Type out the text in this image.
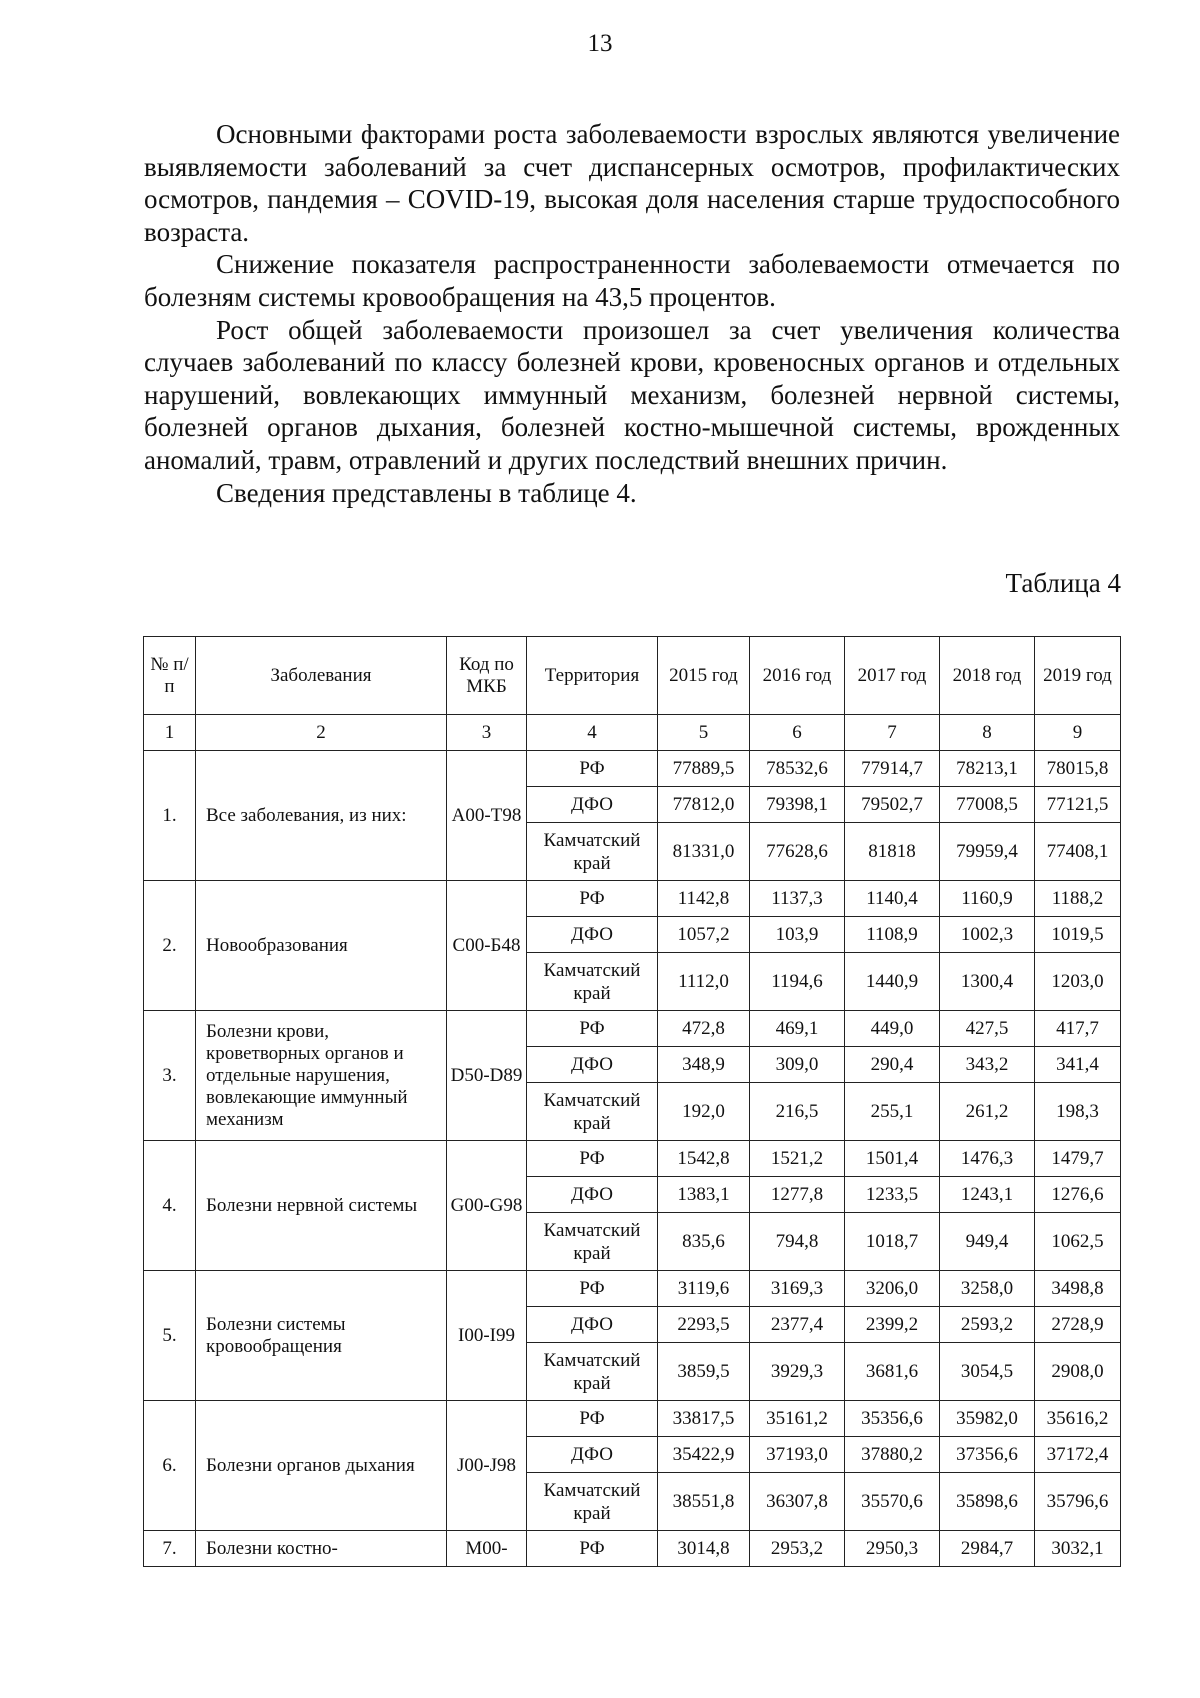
13

Основными факторами роста заболеваемости взрослых являются увеличение выявляемости заболеваний за счет диспансерных осмотров, профилактических осмотров, пандемия – COVID-19, высокая доля населения старше трудоспособного возраста.

Снижение показателя распространенности заболеваемости отмечается по болезням системы кровообращения на 43,5 процентов.

Рост общей заболеваемости произошел за счет увеличения количества случаев заболеваний по классу болезней крови, кровеносных органов и отдельных нарушений, вовлекающих иммунный механизм, болезней нервной системы, болезней органов дыхания, болезней костно-мышечной системы, врожденных аномалий, травм, отравлений и других последствий внешних причин.

Сведения представлены в таблице 4.

Таблица 4
№ п/п	Заболевания	Код по МКБ	Территория	2015 год	2016 год	2017 год	2018 год	2019 год
1	2	3	4	5	6	7	8	9
1.	Все заболевания, из них:	А00-Т98	РФ	77889,5	78532,6	77914,7	78213,1	78015,8
			ДФО	77812,0	79398,1	79502,7	77008,5	77121,5
			Камчатский край	81331,0	77628,6	81818	79959,4	77408,1
2.	Новообразования	С00-Б48	РФ	1142,8	1137,3	1140,4	1160,9	1188,2
			ДФО	1057,2	103,9	1108,9	1002,3	1019,5
			Камчатский край	1112,0	1194,6	1440,9	1300,4	1203,0
3.	Болезни крови, кроветворных органов и отдельные нарушения, вовлекающие иммунный механизм	D50-D89	РФ	472,8	469,1	449,0	427,5	417,7
			ДФО	348,9	309,0	290,4	343,2	341,4
			Камчатский край	192,0	216,5	255,1	261,2	198,3
4.	Болезни нервной системы	G00-G98	РФ	1542,8	1521,2	1501,4	1476,3	1479,7
			ДФО	1383,1	1277,8	1233,5	1243,1	1276,6
			Камчатский край	835,6	794,8	1018,7	949,4	1062,5
5.	Болезни системы кровообращения	I00-I99	РФ	3119,6	3169,3	3206,0	3258,0	3498,8
			ДФО	2293,5	2377,4	2399,2	2593,2	2728,9
			Камчатский край	3859,5	3929,3	3681,6	3054,5	2908,0
6.	Болезни органов дыхания	J00-J98	РФ	33817,5	35161,2	35356,6	35982,0	35616,2
			ДФО	35422,9	37193,0	37880,2	37356,6	37172,4
			Камчатский край	38551,8	36307,8	35570,6	35898,6	35796,6
7.	Болезни костно-	М00-	РФ	3014,8	2953,2	2950,3	2984,7	3032,1
